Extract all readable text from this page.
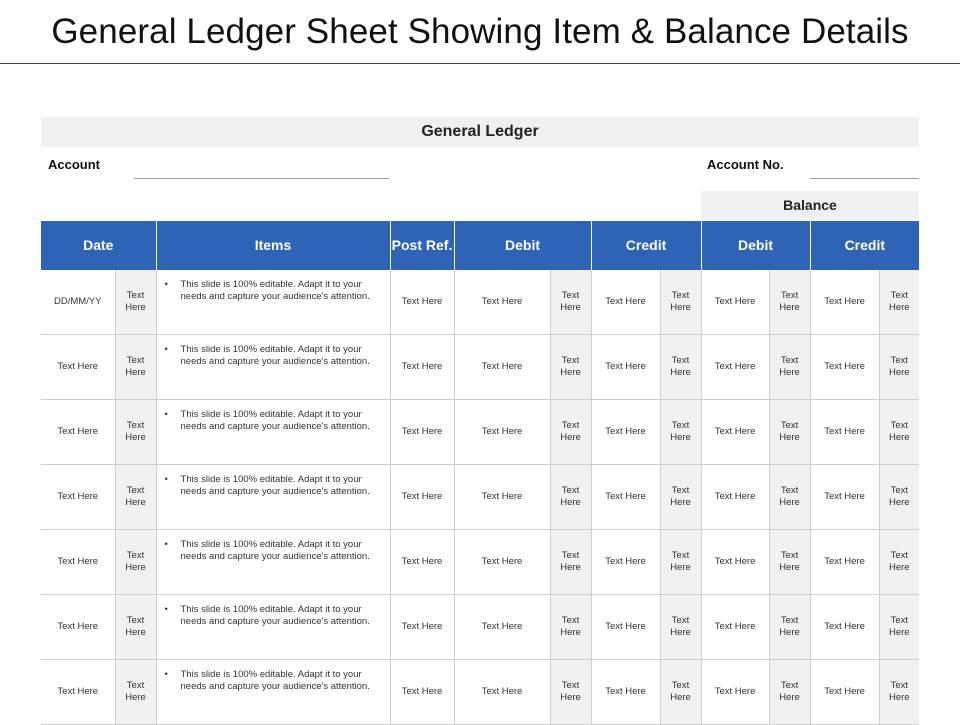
General Ledger Sheet Showing Item & Balance Details
General Ledger
Account	Account No.
Balance
Date		Items	Post Ref.	Debit		Credit		Debit		Credit	
DD/MM/YY	Text Here	• This slide is 100% editable. Adapt it to your needs and capture your audience's attention.	Text Here	Text Here	Text Here	Text Here	Text Here	Text Here	Text Here	Text Here	Text Here
Text Here	Text Here	• This slide is 100% editable. Adapt it to your needs and capture your audience's attention.	Text Here	Text Here	Text Here	Text Here	Text Here	Text Here	Text Here	Text Here	Text Here
Text Here	Text Here	• This slide is 100% editable. Adapt it to your needs and capture your audience's attention.	Text Here	Text Here	Text Here	Text Here	Text Here	Text Here	Text Here	Text Here	Text Here
Text Here	Text Here	• This slide is 100% editable. Adapt it to your needs and capture your audience's attention.	Text Here	Text Here	Text Here	Text Here	Text Here	Text Here	Text Here	Text Here	Text Here
Text Here	Text Here	• This slide is 100% editable. Adapt it to your needs and capture your audience's attention.	Text Here	Text Here	Text Here	Text Here	Text Here	Text Here	Text Here	Text Here	Text Here
Text Here	Text Here	• This slide is 100% editable. Adapt it to your needs and capture your audience's attention.	Text Here	Text Here	Text Here	Text Here	Text Here	Text Here	Text Here	Text Here	Text Here
Text Here	Text Here	• This slide is 100% editable. Adapt it to your needs and capture your audience's attention.	Text Here	Text Here	Text Here	Text Here	Text Here	Text Here	Text Here	Text Here	Text Here
